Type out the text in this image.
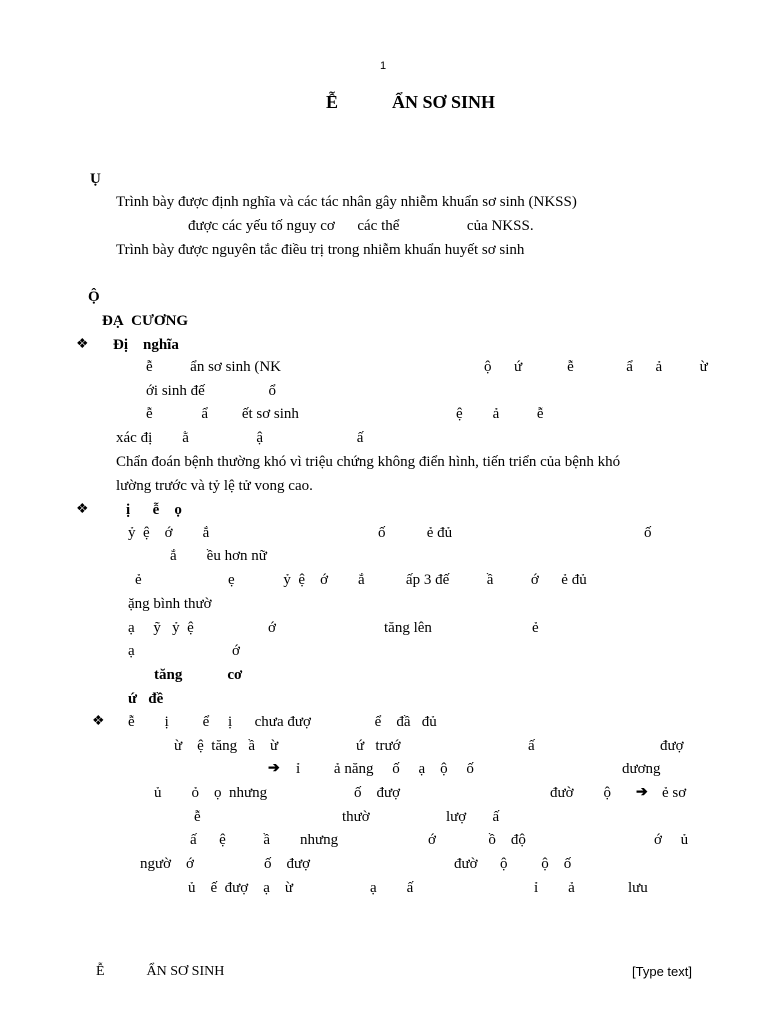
1
Ễ            ẨN SƠ SINH
Ụ
Trình bày được định nghĩa và các tác nhân gây nhiễm khuẩn sơ sinh (NKSS)
được các yếu tố nguy cơ      các thể                  của NKSS.
Trình bày được nguyên tắc điều trị trong nhiễm khuẩn huyết sơ sinh
Ộ
ĐẠ  CƯƠNG
❖ Đị    nghĩa
ễ          ẩn sơ sinh (NK	ộ      ứ            ễ              ẩ      ả          ừ
ới sinh đế                 ổ
ễ             ẩ         ết sơ sinh	ệ        ả          ễ
xác đị        ằ                  ậ                         ấ
Chẩn đoán bệnh thường khó vì triệu chứng không điển hình, tiến triển của bệnh khó
lường trước và tỷ lệ tử vong cao.
❖ ị      ễ    ọ
ỷ  ệ    ớ        ắ	ố           ẻ đủ	ố
ắ        ều hơn nữ
ẻ	ẹ             ỷ  ệ    ớ        ắ           ấp 3 đế          ầ          ớ      ẻ đủ
ặng bình thườ
ạ     ỹ   ỷ  ệ	ớ	tăng lên	ẻ
ạ	ớ
tăng            cơ
ứ   đề
❖ ễ        ị         ể     ị      chưa đượ                 ể    đầ   đủ
ừ    ệ  tăng   ầ    ừ	ứ   trướ	ấ	đượ
➔ ỉ         ả năng     ố     ạ    ộ     ố	dương
ủ        ỏ    ọ  nhưng	ố    đượ	đườ        ộ ➔ ẻ sơ
ễ	thườ	lượ       ấ
ấ      ệ          ầ        nhưng	ớ              ồ    độ	ớ     ủ
ngườ    ớ	ố    đượ	đườ      ộ         ộ    ố
ủ    ế  đượ    ạ    ừ	ạ        ấ	ỉ        ả	lưu
Ễ            ẨN SƠ SINH	[Type text]
